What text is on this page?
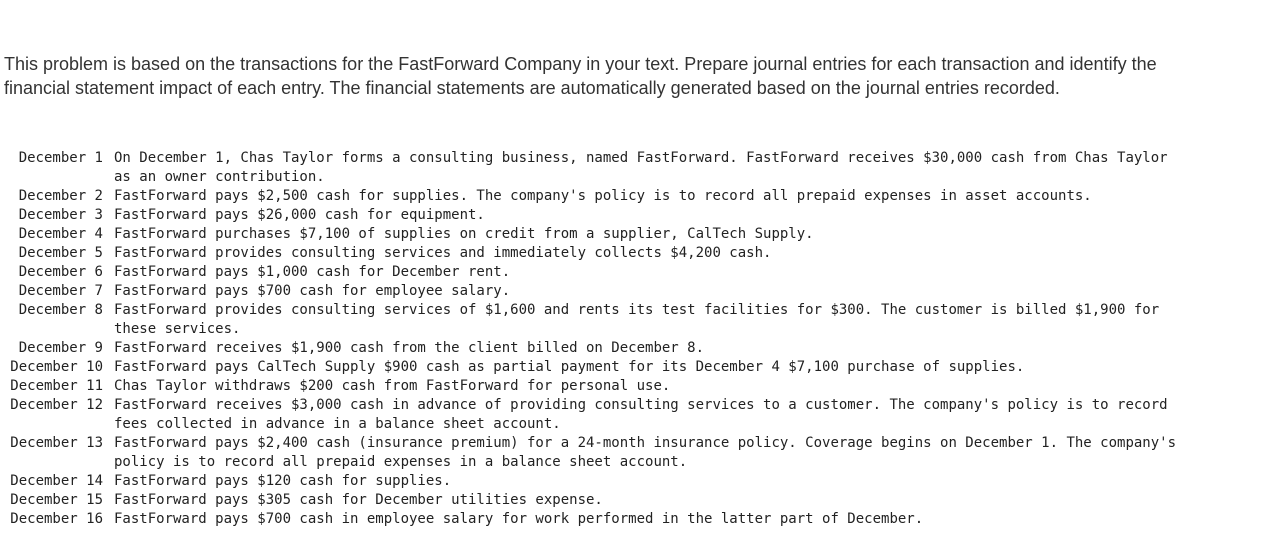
This problem is based on the transactions for the FastForward Company in your text. Prepare journal entries for each transaction and identify the financial statement impact of each entry. The financial statements are automatically generated based on the journal entries recorded.

December 1 On December 1, Chas Taylor forms a consulting business, named FastForward. FastForward receives $30,000 cash from Chas Taylor as an owner contribution.
December 2 FastForward pays $2,500 cash for supplies. The company's policy is to record all prepaid expenses in asset accounts.
December 3 FastForward pays $26,000 cash for equipment.
December 4 FastForward purchases $7,100 of supplies on credit from a supplier, CalTech Supply.
December 5 FastForward provides consulting services and immediately collects $4,200 cash.
December 6 FastForward pays $1,000 cash for December rent.
December 7 FastForward pays $700 cash for employee salary.
December 8 FastForward provides consulting services of $1,600 and rents its test facilities for $300. The customer is billed $1,900 for these services.
December 9 FastForward receives $1,900 cash from the client billed on December 8.
December 10 FastForward pays CalTech Supply $900 cash as partial payment for its December 4 $7,100 purchase of supplies.
December 11 Chas Taylor withdraws $200 cash from FastForward for personal use.
December 12 FastForward receives $3,000 cash in advance of providing consulting services to a customer. The company's policy is to record fees collected in advance in a balance sheet account.
December 13 FastForward pays $2,400 cash (insurance premium) for a 24-month insurance policy. Coverage begins on December 1. The company's policy is to record all prepaid expenses in a balance sheet account.
December 14 FastForward pays $120 cash for supplies.
December 15 FastForward pays $305 cash for December utilities expense.
December 16 FastForward pays $700 cash in employee salary for work performed in the latter part of December.
